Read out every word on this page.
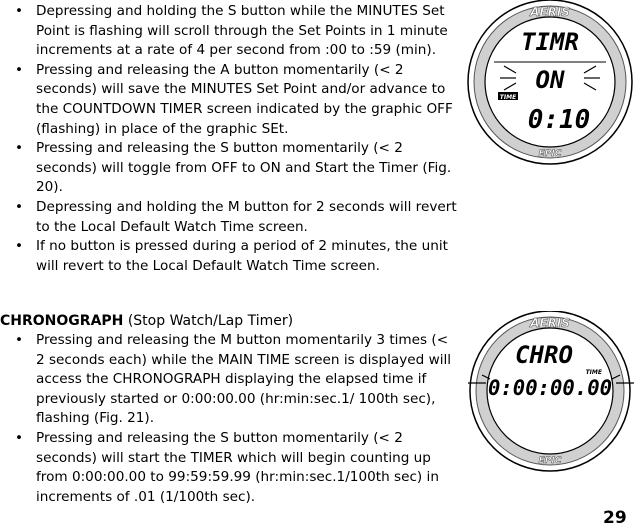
• Depressing and holding the S button while the MINUTES Set Point is flashing will scroll through the Set Points in 1 minute increments at a rate of 4 per second from :00 to :59 (min).
• Pressing and releasing the A button momentarily (< 2 seconds) will save the MINUTES Set Point and/or advance to the COUNTDOWN TIMER screen indicated by the graphic OFF (flashing) in place of the graphic SEt.
• Pressing and releasing the S button momentarily (< 2 seconds) will toggle from OFF to ON and Start the Timer (Fig. 20).
• Depressing and holding the M button for 2 seconds will revert to the Local Default Watch Time screen.
• If no button is pressed during a period of 2 minutes, the unit will revert to the Local Default Watch Time screen.
CHRONOGRAPH (Stop Watch/Lap Timer)
• Pressing and releasing the M button momentarily 3 times (< 2 seconds each) while the MAIN TIME screen is displayed will access the CHRONOGRAPH displaying the elapsed time if previously started or 0:00:00.00 (hr:min:sec.1/ 100th sec), flashing (Fig. 21).
• Pressing and releasing the S button momentarily (< 2 seconds) will start the TIMER which will begin counting up from 0:00:00.00 to 99:59:59.99 (hr:min:sec.1/100th sec) in increments of .01 (1/100th sec).
AERIS
EPIC
TIMR
ON
TIME
0:10
AERIS
EPIC
CHRO
TIME
0:00:00.00
29
